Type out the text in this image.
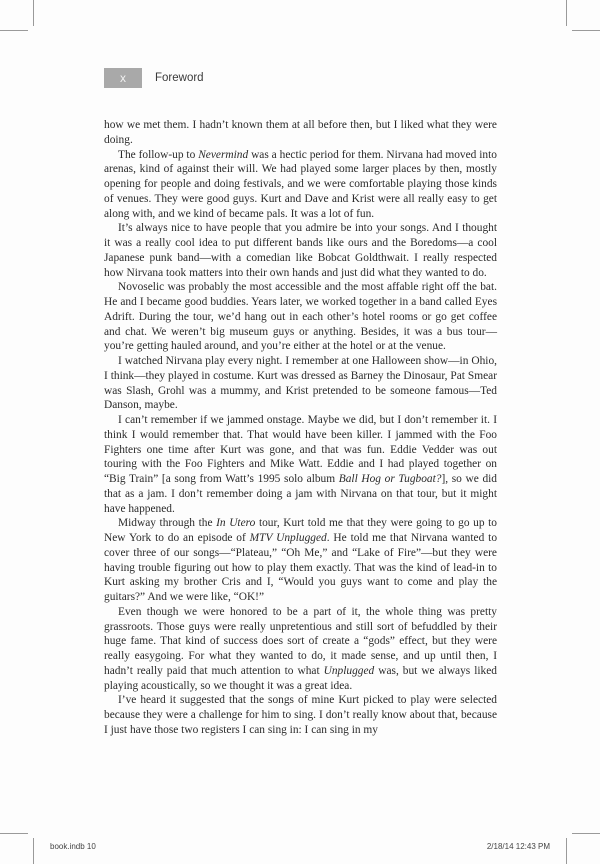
x	Foreword

how we met them. I hadn’t known them at all before then, but I liked what they were doing.

The follow-up to Nevermind was a hectic period for them. Nirvana had moved into arenas, kind of against their will. We had played some larger places by then, mostly opening for people and doing festivals, and we were comfortable playing those kinds of venues. They were good guys. Kurt and Dave and Krist were all really easy to get along with, and we kind of became pals. It was a lot of fun.

It’s always nice to have people that you admire be into your songs. And I thought it was a really cool idea to put different bands like ours and the Boredoms—a cool Japanese punk band—with a comedian like Bobcat Goldthwait. I really respected how Nirvana took matters into their own hands and just did what they wanted to do.

Novoselic was probably the most accessible and the most affable right off the bat. He and I became good buddies. Years later, we worked together in a band called Eyes Adrift. During the tour, we’d hang out in each other’s hotel rooms or go get coffee and chat. We weren’t big museum guys or anything. Besides, it was a bus tour—you’re getting hauled around, and you’re either at the hotel or at the venue.

I watched Nirvana play every night. I remember at one Halloween show—in Ohio, I think—they played in costume. Kurt was dressed as Barney the Dinosaur, Pat Smear was Slash, Grohl was a mummy, and Krist pretended to be someone famous—Ted Danson, maybe.

I can’t remember if we jammed onstage. Maybe we did, but I don’t remember it. I think I would remember that. That would have been killer. I jammed with the Foo Fighters one time after Kurt was gone, and that was fun. Eddie Vedder was out touring with the Foo Fighters and Mike Watt. Eddie and I had played together on “Big Train” [a song from Watt’s 1995 solo album Ball Hog or Tugboat?], so we did that as a jam. I don’t remember doing a jam with Nirvana on that tour, but it might have happened.

Midway through the In Utero tour, Kurt told me that they were going to go up to New York to do an episode of MTV Unplugged. He told me that Nirvana wanted to cover three of our songs—“Plateau,” “Oh Me,” and “Lake of Fire”—but they were having trouble figuring out how to play them exactly. That was the kind of lead-in to Kurt asking my brother Cris and I, “Would you guys want to come and play the guitars?” And we were like, “OK!”

Even though we were honored to be a part of it, the whole thing was pretty grassroots. Those guys were really unpretentious and still sort of befuddled by their huge fame. That kind of success does sort of create a “gods” effect, but they were really easygoing. For what they wanted to do, it made sense, and up until then, I hadn’t really paid that much attention to what Unplugged was, but we always liked playing acoustically, so we thought it was a great idea.

I’ve heard it suggested that the songs of mine Kurt picked to play were selected because they were a challenge for him to sing. I don’t really know about that, because I just have those two registers I can sing in: I can sing in my

book.indb 10	2/18/14 12:43 PM
